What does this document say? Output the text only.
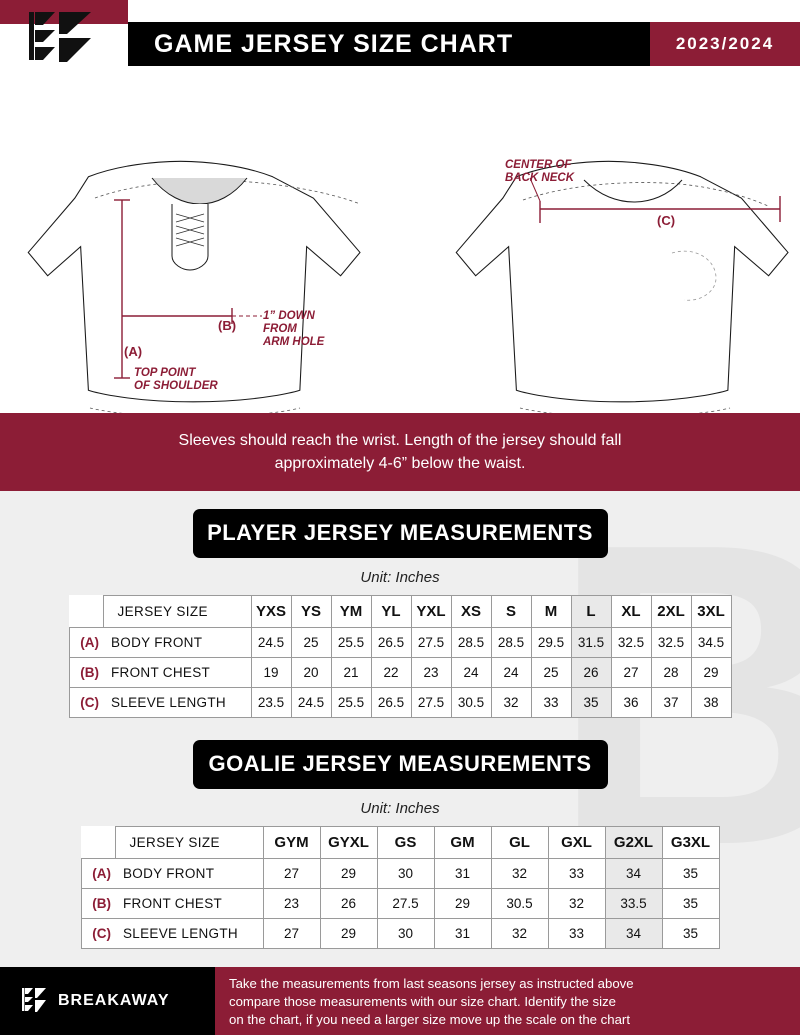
GAME JERSEY SIZE CHART	2023/2024
CENTER OF
BACK NECK
(C)
(B)
(A)
1” DOWN
FROM
ARM HOLE
TOP POINT
OF SHOULDER
Sleeves should reach the wrist. Length of the jersey should fall
approximately 4-6” below the waist.
PLAYER JERSEY MEASUREMENTS
Unit: Inches
	JERSEY SIZE	YXS	YS	YM	YL	YXL	XS	S	M	L	XL	2XL	3XL
(A)	BODY FRONT	24.5	25	25.5	26.5	27.5	28.5	28.5	29.5	31.5	32.5	32.5	34.5
(B)	FRONT CHEST	19	20	21	22	23	24	24	25	26	27	28	29
(C)	SLEEVE LENGTH	23.5	24.5	25.5	26.5	27.5	30.5	32	33	35	36	37	38
GOALIE JERSEY MEASUREMENTS
Unit: Inches
	JERSEY SIZE	GYM	GYXL	GS	GM	GL	GXL	G2XL	G3XL
(A)	BODY FRONT	27	29	30	31	32	33	34	35
(B)	FRONT CHEST	23	26	27.5	29	30.5	32	33.5	35
(C)	SLEEVE LENGTH	27	29	30	31	32	33	34	35
BREAKAWAY
Take the measurements from last seasons jersey as instructed above
compare those measurements with our size chart. Identify the size
on the chart, if you need a larger size move up the scale on the chart
